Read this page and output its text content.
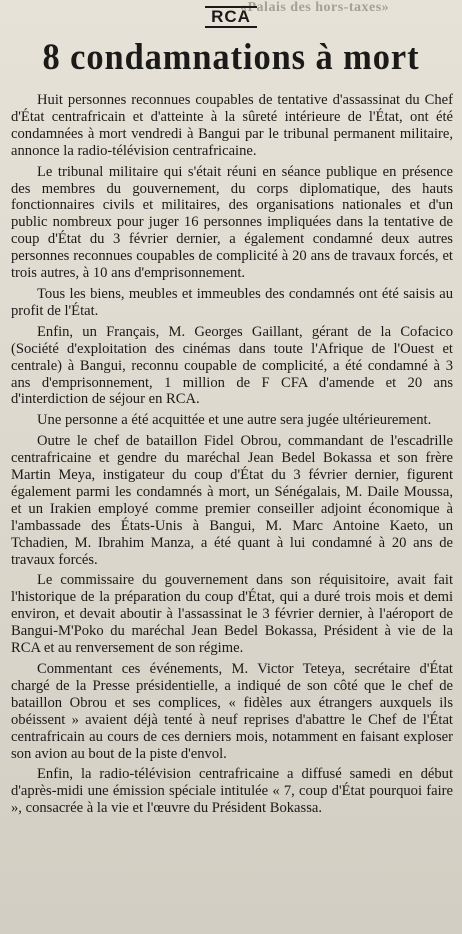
«Palais des hors-taxes»
RCA
8 condamnations à mort

Huit personnes reconnues coupables de tentative d'assassinat du Chef d'État centrafricain et d'atteinte à la sûreté intérieure de l'État, ont été condamnées à mort vendredi à Bangui par le tribunal permanent militaire, annonce la radio-télévision centrafricaine.

Le tribunal militaire qui s'était réuni en séance publique en présence des membres du gouvernement, du corps diplomatique, des hauts fonctionnaires civils et militaires, des organisations nationales et d'un public nombreux pour juger 16 personnes impliquées dans la tentative de coup d'État du 3 février dernier, a également condamné deux autres personnes reconnues coupables de complicité à 20 ans de travaux forcés, et trois autres, à 10 ans d'emprisonnement.

Tous les biens, meubles et immeubles des condamnés ont été saisis au profit de l'État.

Enfin, un Français, M. Georges Gaillant, gérant de la Cofacico (Société d'exploitation des cinémas dans toute l'Afrique de l'Ouest et centrale) à Bangui, reconnu coupable de complicité, a été condamné à 3 ans d'emprisonnement, 1 million de F CFA d'amende et 20 ans d'interdiction de séjour en RCA.

Une personne a été acquittée et une autre sera jugée ultérieurement.

Outre le chef de bataillon Fidel Obrou, commandant de l'escadrille centrafricaine et gendre du maréchal Jean Bedel Bokassa et son frère Martin Meya, instigateur du coup d'État du 3 février dernier, figurent également parmi les condamnés à mort, un Sénégalais, M. Daile Moussa, et un Irakien employé comme premier conseiller adjoint économique à l'ambassade des États-Unis à Bangui, M. Marc Antoine Kaeto, un Tchadien, M. Ibrahim Manza, a été quant à lui condamné à 20 ans de travaux forcés.

Le commissaire du gouvernement dans son réquisitoire, avait fait l'historique de la préparation du coup d'État, qui a duré trois mois et demi environ, et devait aboutir à l'assassinat le 3 février dernier, à l'aéroport de Bangui-M'Poko du maréchal Jean Bedel Bokassa, Président à vie de la RCA et au renversement de son régime.

Commentant ces événements, M. Victor Teteya, secrétaire d'État chargé de la Presse présidentielle, a indiqué de son côté que le chef de bataillon Obrou et ses complices, « fidèles aux étrangers auxquels ils obéissent » avaient déjà tenté à neuf reprises d'abattre le Chef de l'État centrafricain au cours de ces derniers mois, notamment en faisant exploser son avion au bout de la piste d'envol.

Enfin, la radio-télévision centrafricaine a diffusé samedi en début d'après-midi une émission spéciale intitulée « 7, coup d'État pourquoi faire », consacrée à la vie et l'œuvre du Président Bokassa.
